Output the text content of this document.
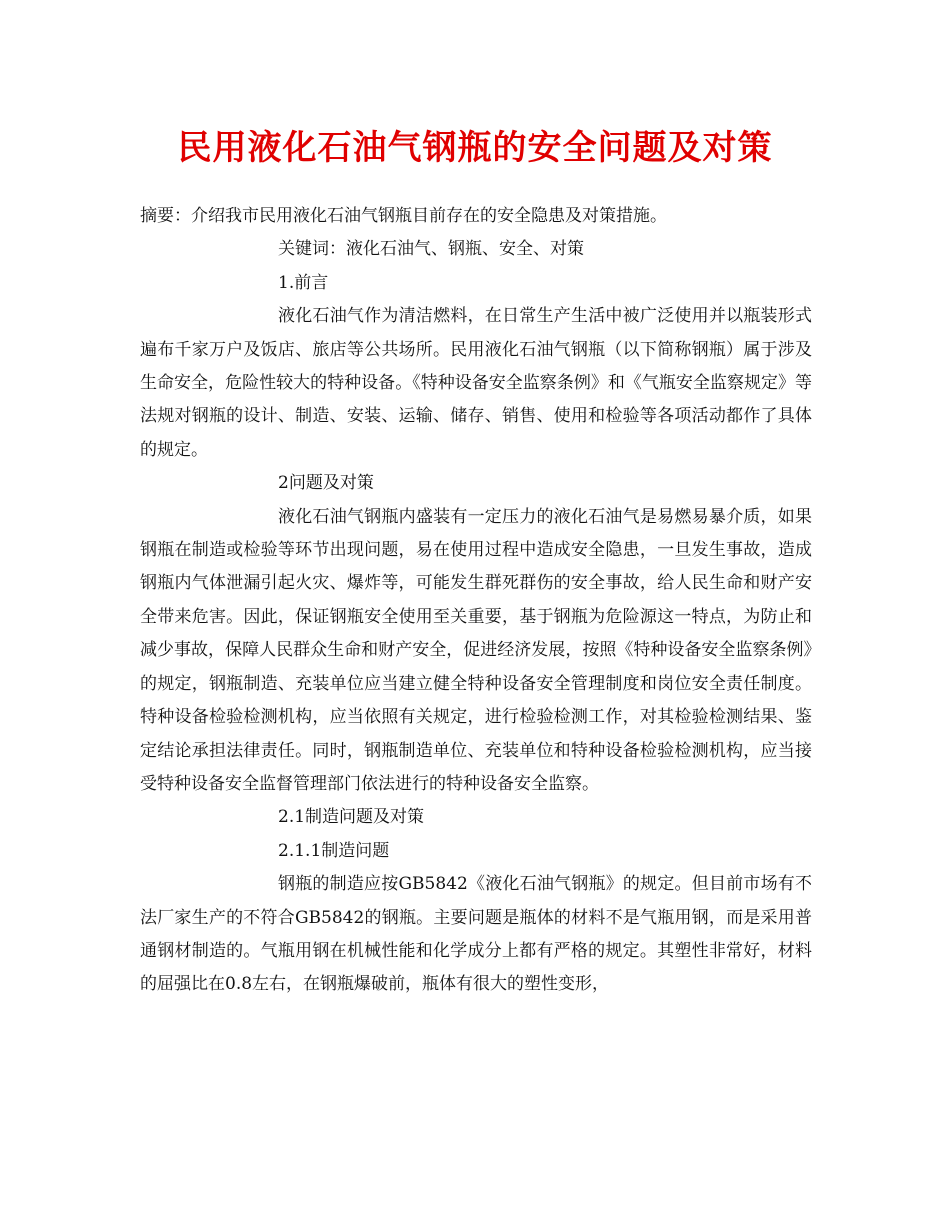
民用液化石油气钢瓶的安全问题及对策

摘要：介绍我市民用液化石油气钢瓶目前存在的安全隐患及对策措施。

关键词：液化石油气、钢瓶、安全、对策

1.前言

液化石油气作为清洁燃料，在日常生产生活中被广泛使用并以瓶装形式遍布千家万户及饭店、旅店等公共场所。民用液化石油气钢瓶（以下简称钢瓶）属于涉及生命安全，危险性较大的特种设备。《特种设备安全监察条例》和《气瓶安全监察规定》等法规对钢瓶的设计、制造、安装、运输、储存、销售、使用和检验等各项活动都作了具体的规定。

2问题及对策

液化石油气钢瓶内盛装有一定压力的液化石油气是易燃易暴介质，如果钢瓶在制造或检验等环节出现问题，易在使用过程中造成安全隐患，一旦发生事故，造成钢瓶内气体泄漏引起火灾、爆炸等，可能发生群死群伤的安全事故，给人民生命和财产安全带来危害。因此，保证钢瓶安全使用至关重要，基于钢瓶为危险源这一特点，为防止和减少事故，保障人民群众生命和财产安全，促进经济发展，按照《特种设备安全监察条例》的规定，钢瓶制造、充装单位应当建立健全特种设备安全管理制度和岗位安全责任制度。 特种设备检验检测机构，应当依照有关规定，进行检验检测工作，对其检验检测结果、鉴定结论承担法律责任。同时，钢瓶制造单位、充装单位和特种设备检验检测机构，应当接受特种设备安全监督管理部门依法进行的特种设备安全监察。

2.1制造问题及对策

2.1.1制造问题

钢瓶的制造应按GB5842《液化石油气钢瓶》的规定。但目前市场有不法厂家生产的不符合GB5842的钢瓶。主要问题是瓶体的材料不是气瓶用钢，而是采用普通钢材制造的。气瓶用钢在机械性能和化学成分上都有严格的规定。其塑性非常好，材料的屈强比在0.8左右，在钢瓶爆破前，瓶体有很大的塑性变形，
